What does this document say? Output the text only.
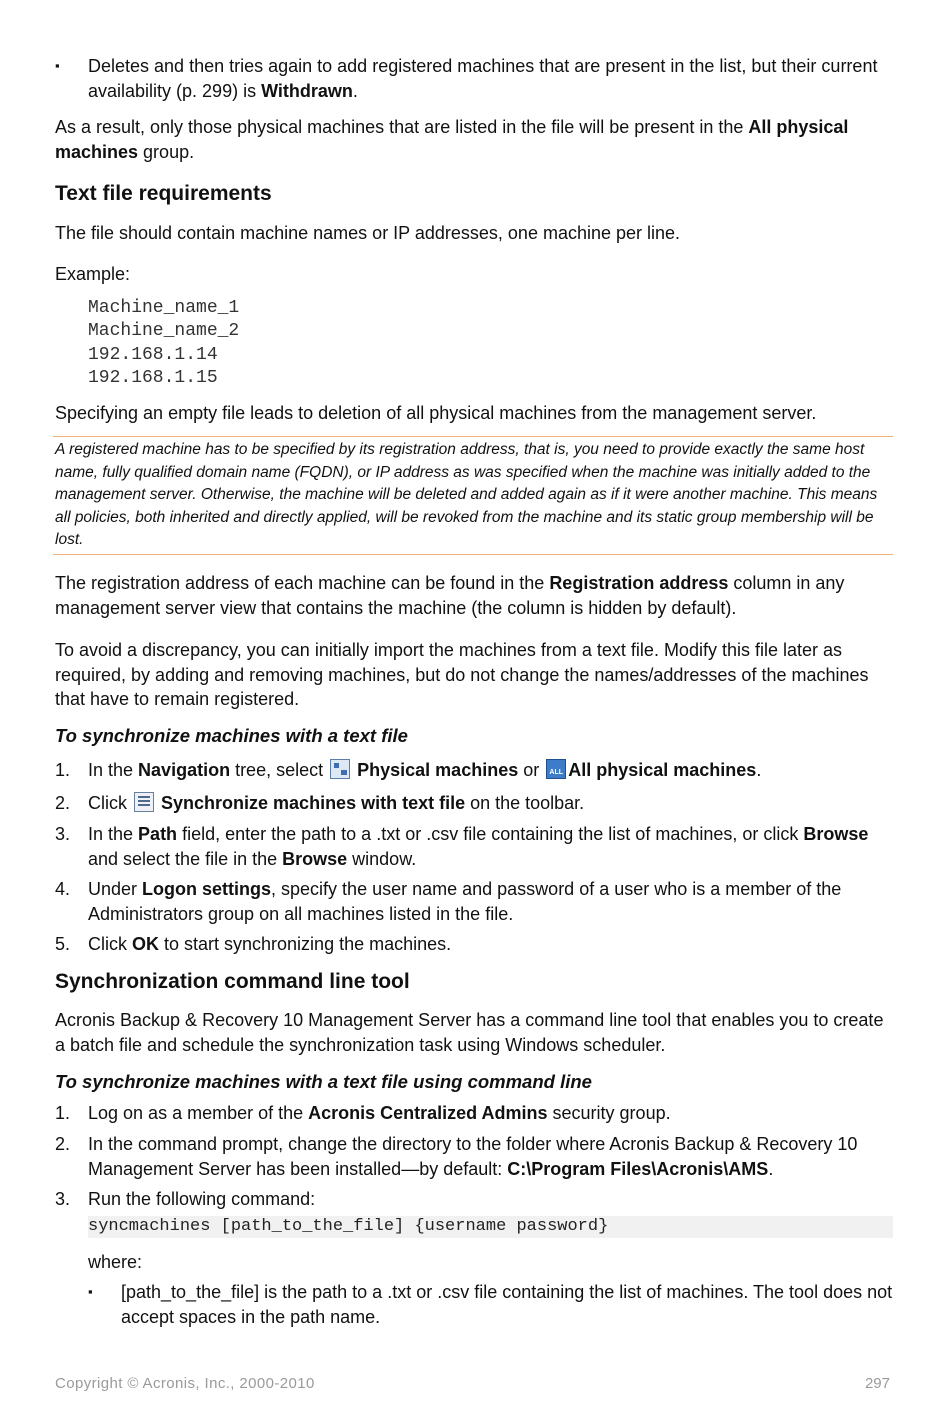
▪	Deletes and then tries again to add registered machines that are present in the list, but their current availability (p. 299) is Withdrawn.

As a result, only those physical machines that are listed in the file will be present in the All physical machines group.

Text file requirements

The file should contain machine names or IP addresses, one machine per line.

Example:

Machine_name_1
Machine_name_2
192.168.1.14
192.168.1.15

Specifying an empty file leads to deletion of all physical machines from the management server.

A registered machine has to be specified by its registration address, that is, you need to provide exactly the same host name, fully qualified domain name (FQDN), or IP address as was specified when the machine was initially added to the management server. Otherwise, the machine will be deleted and added again as if it were another machine. This means all policies, both inherited and directly applied, will be revoked from the machine and its static group membership will be lost.

The registration address of each machine can be found in the Registration address column in any management server view that contains the machine (the column is hidden by default).

To avoid a discrepancy, you can initially import the machines from a text file. Modify this file later as required, by adding and removing machines, but do not change the names/addresses of the machines that have to remain registered.

To synchronize machines with a text file
1. In the Navigation tree, select  Physical machines or ALL All physical machines.
2. Click  Synchronize machines with text file on the toolbar.
3. In the Path field, enter the path to a .txt or .csv file containing the list of machines, or click Browse and select the file in the Browse window.
4. Under Logon settings, specify the user name and password of a user who is a member of the Administrators group on all machines listed in the file.
5. Click OK to start synchronizing the machines.
Synchronization command line tool

Acronis Backup & Recovery 10 Management Server has a command line tool that enables you to create a batch file and schedule the synchronization task using Windows scheduler.

To synchronize machines with a text file using command line
1. Log on as a member of the Acronis Centralized Admins security group.
2. In the command prompt, change the directory to the folder where Acronis Backup & Recovery 10 Management Server has been installed—by default: C:\Program Files\Acronis\AMS.
3. Run the following command:
syncmachines [path_to_the_file] {username password}

where:

▪	[path_to_the_file] is the path to a .txt or .csv file containing the list of machines. The tool does not accept spaces in the path name.
Copyright © Acronis, Inc., 2000-2010	297
